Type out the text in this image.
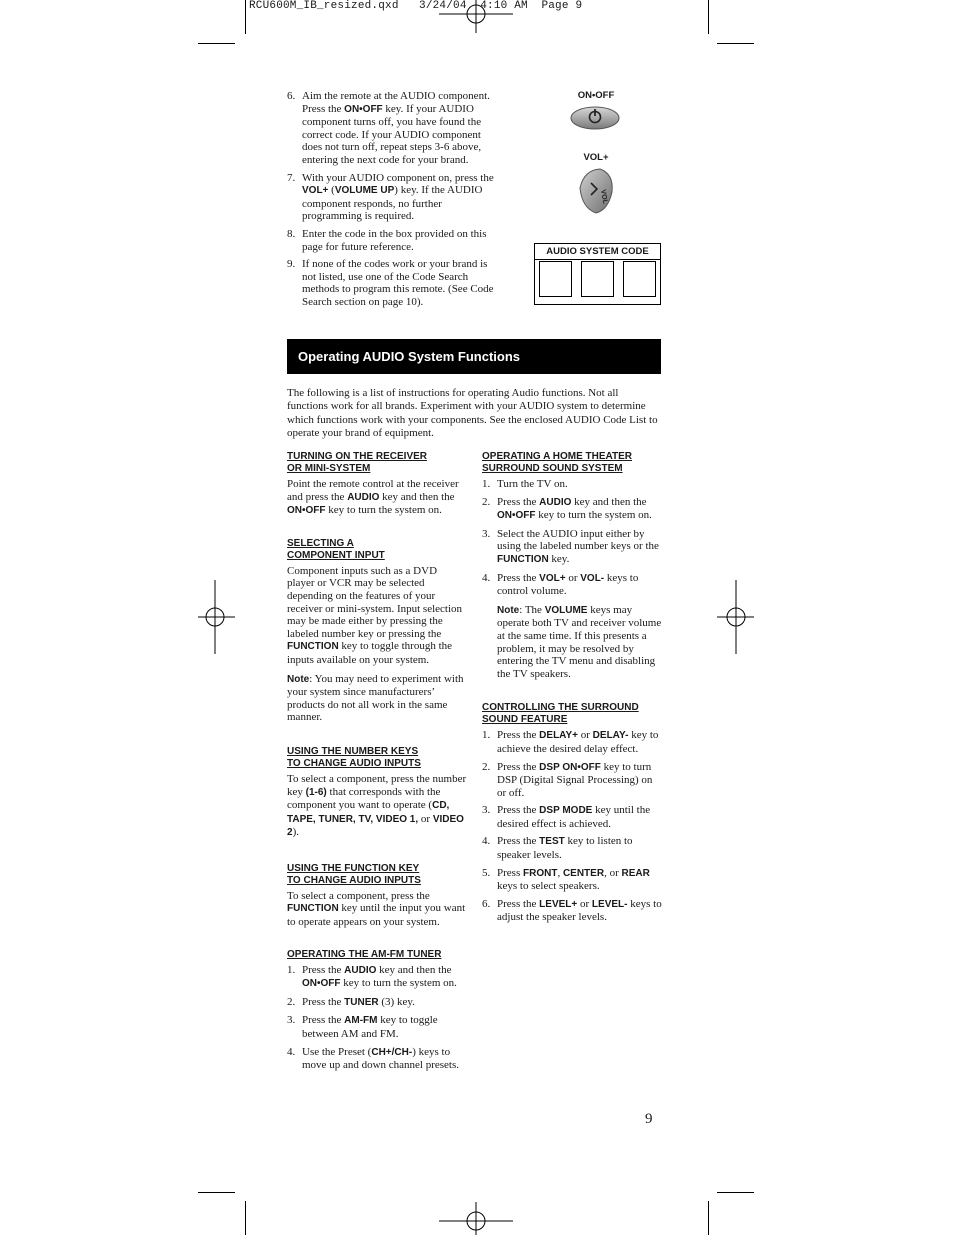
RCU600M_IB_resized.qxd   3/24/04  4:10 AM  Page 9
6. Aim the remote at the AUDIO component. Press the ON•OFF key. If your AUDIO component turns off, you have found the correct code. If your AUDIO component does not turn off, repeat steps 3-6 above, entering the next code for your brand.
7. With your AUDIO component on, press the VOL+ (VOLUME UP) key. If the AUDIO component responds, no further programming is required.
8. Enter the code in the box provided on this page for future reference.
9. If none of the codes work or your brand is not listed, use one of the Code Search methods to program this remote. (See Code Search section on page 10).
ON•OFF
VOL+
VOL
AUDIO SYSTEM CODE
Operating AUDIO System Functions
The following is a list of instructions for operating Audio functions. Not all functions work for all brands. Experiment with your AUDIO system to determine which functions work with your components. See the enclosed AUDIO Code List to operate your brand of equipment.
TURNING ON THE RECEIVER
OR MINI-SYSTEM

Point the remote control at the receiver and press the AUDIO key and then the ON•OFF key to turn the system on.

SELECTING A
COMPONENT INPUT

Component inputs such as a DVD player or VCR may be selected depending on the features of your receiver or mini-system. Input selection may be made either by pressing the labeled number key or pressing the FUNCTION key to toggle through the inputs available on your system.

Note: You may need to experiment with your system since manufacturers’ products do not all work in the same manner.

USING THE NUMBER KEYS
TO CHANGE AUDIO INPUTS

To select a component, press the number key (1-6) that corresponds with the component you want to operate (CD, TAPE, TUNER, TV, VIDEO 1, or VIDEO 2).

USING THE FUNCTION KEY
TO CHANGE AUDIO INPUTS

To select a component, press the FUNCTION key until the input you want to operate appears on your system.

OPERATING THE AM-FM TUNER
1. Press the AUDIO key and then the ON•OFF key to turn the system on.
2. Press the TUNER (3) key.
3. Press the AM-FM key to toggle between AM and FM.
4. Use the Preset (CH+/CH-) keys to move up and down channel presets.
OPERATING A HOME THEATER
SURROUND SOUND SYSTEM
1. Turn the TV on.
2. Press the AUDIO key and then the ON•OFF key to turn the system on.
3. Select the AUDIO input either by using the labeled number keys or the FUNCTION key.
4. Press the VOL+ or VOL- keys to control volume.

Note: The VOLUME keys may operate both TV and receiver volume at the same time. If this presents a problem, it may be resolved by entering the TV menu and disabling the TV speakers.

CONTROLLING THE SURROUND
SOUND FEATURE
1. Press the DELAY+ or DELAY- key to achieve the desired delay effect.
2. Press the DSP ON•OFF key to turn DSP (Digital Signal Processing) on or off.
3. Press the DSP MODE key until the desired effect is achieved.
4. Press the TEST key to listen to speaker levels.
5. Press FRONT, CENTER, or REAR keys to select speakers.
6. Press the LEVEL+ or LEVEL- keys to adjust the speaker levels.
9
